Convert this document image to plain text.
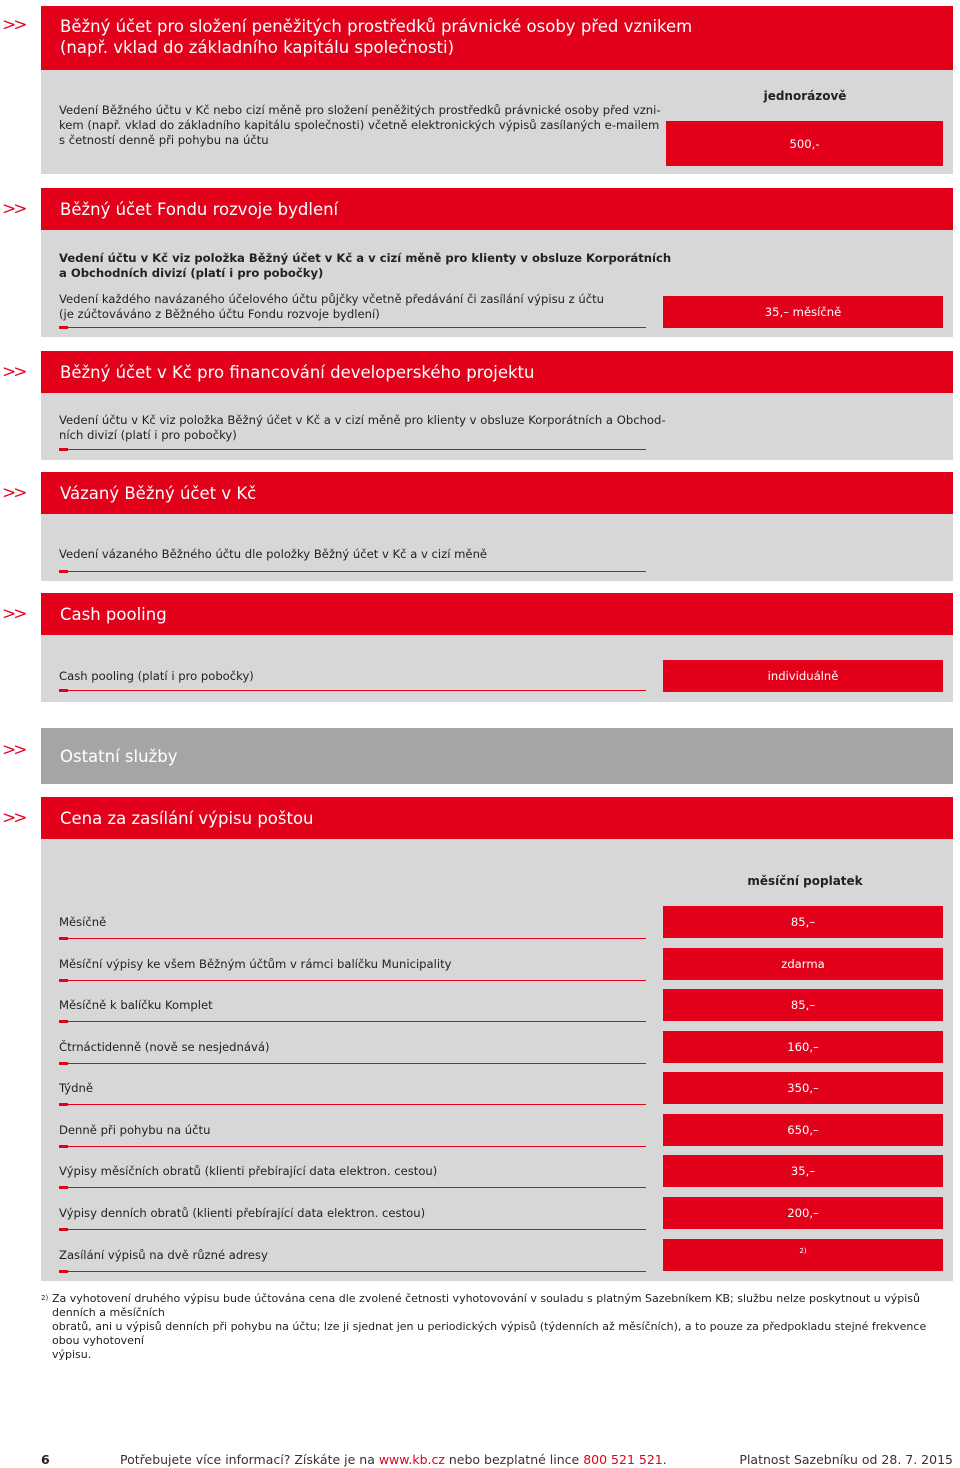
>>	Běžný účet pro složení peněžitých prostředků právnické osoby před vznikem
(např. vklad do základního kapitálu společnosti)
jednorázově
Vedení Běžného účtu v Kč nebo cizí měně pro složení peněžitých prostředků právnické osoby před vzni-
kem (např. vklad do základního kapitálu společnosti) včetně elektronických výpisů zasílaných e-mailem
s četností denně při pohybu na účtu	500,-
>>	Běžný účet Fondu rozvoje bydlení
Vedení účtu v Kč viz položka Běžný účet v Kč a v cizí měně pro klienty v obsluze Korporátních
a Obchodních divizí (platí i pro pobočky)
Vedení každého navázaného účelového účtu půjčky včetně předávání či zasílání výpisu z účtu
(je zúčtováváno z Běžného účtu Fondu rozvoje bydlení)	35,– měsíčně
>>	Běžný účet v Kč pro financování developerského projektu
Vedení účtu v Kč viz položka Běžný účet v Kč a v cizí měně pro klienty v obsluze Korporátních a Obchod-
ních divizí (platí i pro pobočky)
>>	Vázaný Běžný účet v Kč
Vedení vázaného Běžného účtu dle položky Běžný účet v Kč a v cizí měně
>>	Cash pooling
Cash pooling (platí i pro pobočky)	individuálně
>>	Ostatní služby
>>	Cena za zasílání výpisu poštou
měsíční poplatek
Měsíčně	85,–
Měsíční výpisy ke všem Běžným účtům v rámci balíčku Municipality	zdarma
Měsíčně k balíčku Komplet	85,–
Čtrnáctidenně (nově se nesjednává)	160,–
Týdně	350,–
Denně při pohybu na účtu	650,–
Výpisy měsíčních obratů (klienti přebírající data elektron. cestou)	35,–
Výpisy denních obratů (klienti přebírající data elektron. cestou)	200,–
Zasílání výpisů na dvě různé adresy	2)
2) Za vyhotovení druhého výpisu bude účtována cena dle zvolené četnosti vyhotovování v souladu s platným Sazebníkem KB; službu nelze poskytnout u výpisů denních a měsíčních
obratů, ani u výpisů denních při pohybu na účtu; lze ji sjednat jen u periodických výpisů (týdenních až měsíčních), a to pouze za předpokladu stejné frekvence obou vyhotovení
výpisu.
6	Potřebujete více informací? Získáte je na www.kb.cz nebo bezplatné lince 800 521 521.	Platnost Sazebníku od 28. 7. 2015
